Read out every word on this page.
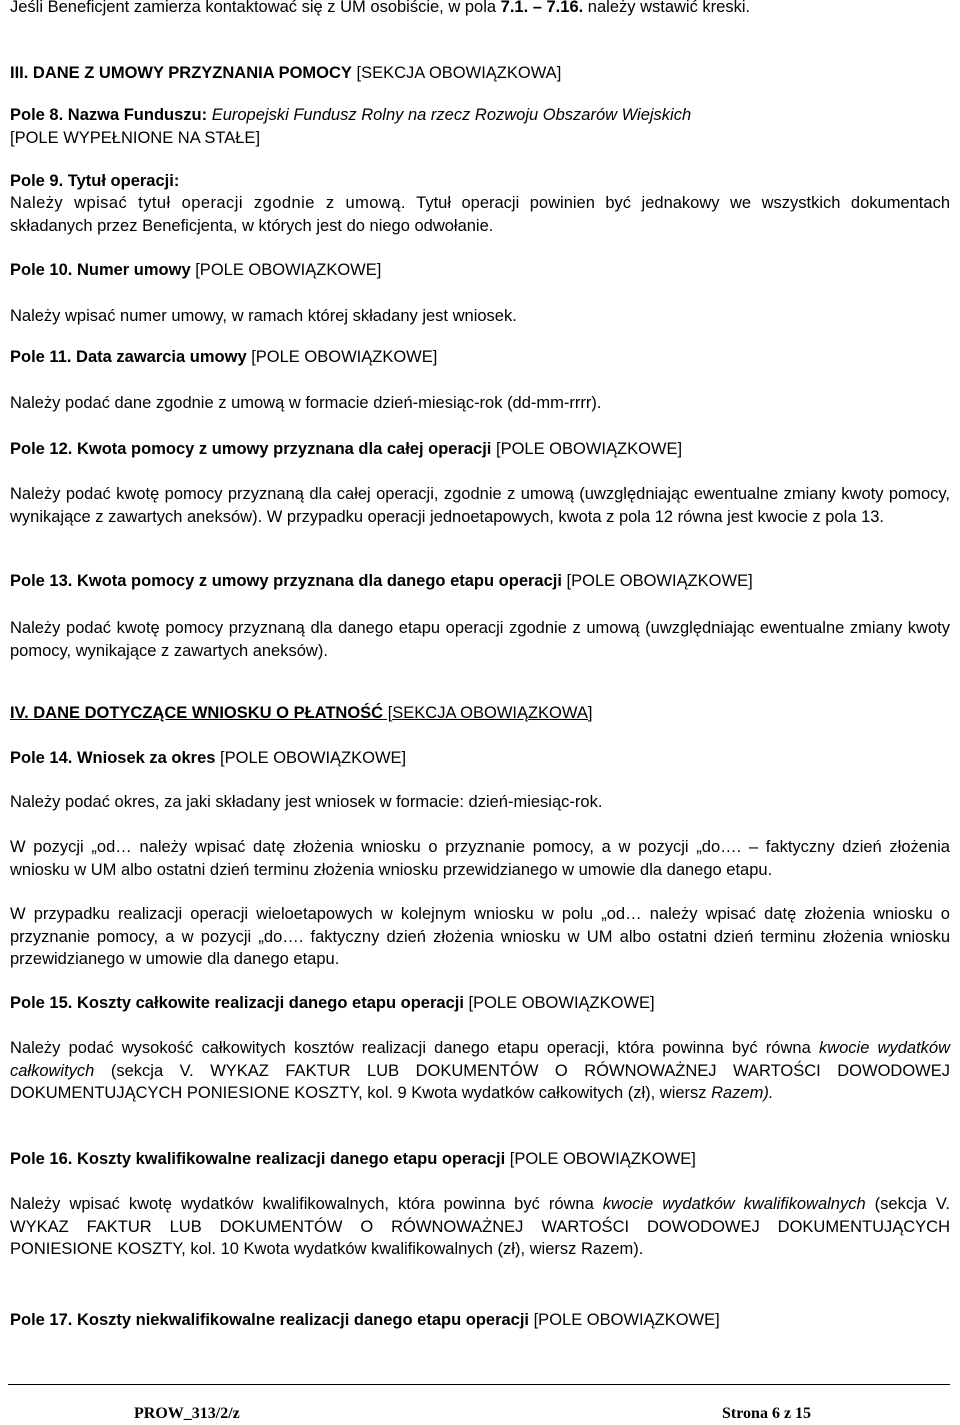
Jeśli Beneficjent zamierza kontaktować się z UM osobiście, w pola 7.1. – 7.16. należy wstawić kreski.
III. DANE Z UMOWY PRZYZNANIA POMOCY [SEKCJA OBOWIĄZKOWA]
Pole 8. Nazwa Funduszu: Europejski Fundusz Rolny na rzecz Rozwoju Obszarów Wiejskich
[POLE WYPEŁNIONE NA STAŁE]
Pole 9. Tytuł operacji:
Należy wpisać tytuł operacji zgodnie z umową. Tytuł operacji powinien być jednakowy we wszystkich dokumentach składanych przez Beneficjenta, w których jest do niego odwołanie.
Pole 10. Numer umowy [POLE OBOWIĄZKOWE]
Należy wpisać numer umowy, w ramach której składany jest wniosek.
Pole 11. Data zawarcia umowy [POLE OBOWIĄZKOWE]
Należy podać dane zgodnie z umową w formacie dzień-miesiąc-rok (dd-mm-rrrr).
Pole 12. Kwota pomocy z umowy przyznana dla całej operacji [POLE OBOWIĄZKOWE]
Należy podać kwotę pomocy przyznaną dla całej operacji, zgodnie z umową (uwzględniając ewentualne zmiany kwoty pomocy, wynikające z zawartych aneksów). W przypadku operacji jednoetapowych, kwota z pola 12 równa jest kwocie z pola 13.
Pole 13. Kwota pomocy z umowy przyznana dla danego etapu operacji [POLE OBOWIĄZKOWE]
Należy podać kwotę pomocy przyznaną dla danego etapu operacji zgodnie z umową (uwzględniając ewentualne zmiany kwoty pomocy, wynikające z zawartych aneksów).
IV. DANE DOTYCZĄCE WNIOSKU O PŁATNOŚĆ [SEKCJA OBOWIĄZKOWA]
Pole 14. Wniosek za okres [POLE OBOWIĄZKOWE]
Należy podać okres, za jaki składany jest wniosek w formacie: dzień-miesiąc-rok.
W pozycji „od… należy wpisać datę złożenia wniosku o przyznanie pomocy, a w pozycji „do…. – faktyczny dzień złożenia wniosku w UM albo ostatni dzień terminu złożenia wniosku przewidzianego w umowie dla danego etapu.
W przypadku realizacji operacji wieloetapowych w kolejnym wniosku w polu „od… należy wpisać datę złożenia wniosku o przyznanie pomocy, a w pozycji „do…. faktyczny dzień złożenia wniosku w UM albo ostatni dzień terminu złożenia wniosku przewidzianego w umowie dla danego etapu.
Pole 15. Koszty całkowite realizacji danego etapu operacji [POLE OBOWIĄZKOWE]
Należy podać wysokość całkowitych kosztów realizacji danego etapu operacji, która powinna być równa kwocie wydatków całkowitych (sekcja V. WYKAZ FAKTUR LUB DOKUMENTÓW O RÓWNOWAŻNEJ WARTOŚCI DOWODOWEJ DOKUMENTUJĄCYCH PONIESIONE KOSZTY, kol. 9 Kwota wydatków całkowitych (zł), wiersz Razem).
Pole 16. Koszty kwalifikowalne realizacji danego etapu operacji [POLE OBOWIĄZKOWE]
Należy wpisać kwotę wydatków kwalifikowalnych, która powinna być równa kwocie wydatków kwalifikowalnych (sekcja V. WYKAZ FAKTUR LUB DOKUMENTÓW O RÓWNOWAŻNEJ WARTOŚCI DOWODOWEJ DOKUMENTUJĄCYCH PONIESIONE KOSZTY, kol. 10 Kwota wydatków kwalifikowalnych (zł), wiersz Razem).
Pole 17. Koszty niekwalifikowalne realizacji danego etapu operacji [POLE OBOWIĄZKOWE]
PROW_313/2/z	Strona 6 z 15
